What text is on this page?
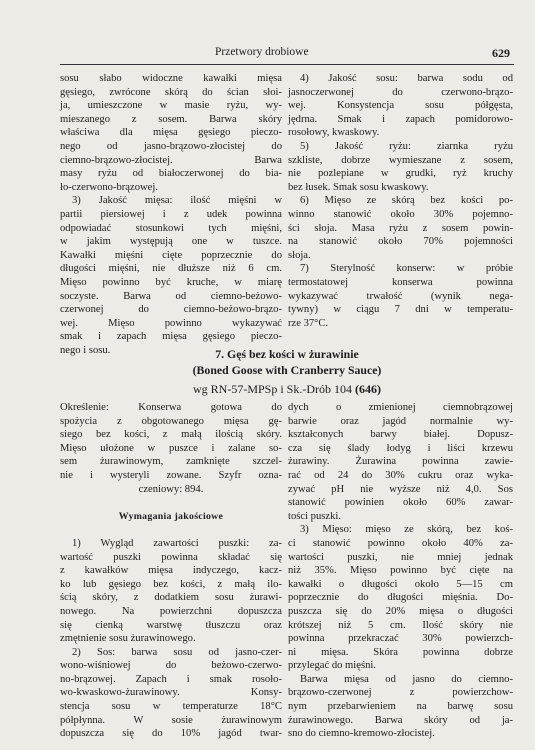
Przetwory drobiowe	629
sosu słabo widoczne kawałki mięsa
gęsiego, zwrócone skórą do ścian słoi-
ja, umieszczone w masie ryżu, wy-
mieszanego z sosem. Barwa skóry
właściwa dla mięsa gęsiego pieczo-
nego od jasno-brązowo-złocistej do
ciemno-brązowo-złocistej. Barwa
masy ryżu od białoczerwonej do bia-
ło-czerwono-brązowej.
3) Jakość mięsa: ilość mięśni w
partii piersiowej i z udek powinna
odpowiadać stosunkowi tych mięśni,
w jakim występują one w tuszce.
Kawałki mięśni cięte poprzecznie do
długości mięśni, nie dłuższe niż 6 cm.
Mięso powinno być kruche, w miarę
soczyste. Barwa od ciemno-beżowo-
czerwonej do ciemno-beżowo-brązo-
wej. Mięso powinno wykazywać
smak i zapach mięsa gęsiego pieczo-
nego i sosu.
4) Jakość sosu: barwa sodu od
jasnoczerwonej do czerwono-brązo-
wej. Konsystencja sosu półgęsta,
jędrna. Smak i zapach pomidorowo-
rosołowy, kwaskowy.
5) Jakość ryżu: ziarnka ryżu
szkliste, dobrze wymieszane z sosem,
nie pozlepiane w grudki, ryż kruchy
bez łusek. Smak sosu kwaskowy.
6) Mięso ze skórą bez kości po-
winno stanowić około 30% pojemno-
ści słoja. Masa ryżu z sosem powin-
na stanowić około 70% pojemności
słoja.
7) Sterylność konserw: w próbie
termostatowej konserwa powinna
wykazywać trwałość (wynik nega-
tywny) w ciągu 7 dni w temperatu-
rze 37°C.
7. Gęś bez kości w żurawinie
(Boned Goose with Cranberry Sauce)
wg RN-57-MPSp i Sk.-Drób 104 (646)
Określenie: Konserwa gotowa do
spożycia z obgotowanego mięsa gę-
siego bez kości, z małą ilością skóry.
Mięso ułożone w puszce i zalane so-
sem żurawinowym, zamknięte szczel-
nie i wysteryli zowane. Szyfr ozna-
czeniowy: 894.
Wymagania jakościowe
1) Wygląd zawartości puszki: za-
wartość puszki powinna składać się
z kawałków mięsa indyczego, kacz-
ko lub gęsiego bez kości, z małą ilo-
ścią skóry, z dodatkiem sosu żurawi-
nowego. Na powierzchni dopuszcza
się cienką warstwę tłuszczu oraz
zmętnienie sosu żurawinowego.
2) Sos: barwa sosu od jasno-czer-
wono-wiśniowej do beżowo-czerwo-
no-brązowej. Zapach i smak rosoło-
wo-kwaskowo-żurawinowy. Konsy-
stencja sosu w temperaturze 18°C
półpłynna. W sosie żurawinowym
dopuszcza się do 10% jagód twar-
dych o zmienionej ciemnobrązowej
barwie oraz jagód normalnie wy-
kształconych barwy białej. Dopusz-
cza się ślady łodyg i liści krzewu
żurawiny. Żurawina powinna zawie-
rać od 24 do 30% cukru oraz wyka-
zywać pH nie wyższe niż 4,0. Sos
stanowić powinien około 60% zawar-
tości puszki.
3) Mięso: mięso ze skórą, bez koś-
ci stanowić powinno około 40% za-
wartości puszki, nie mniej jednak
niż 35%. Mięso powinno być cięte na
kawałki o długości około 5—15 cm
poprzecznie do długości mięśnia. Do-
puszcza się do 20% mięsa o długości
krótszej niż 5 cm. Ilość skóry nie
powinna przekraczać 30% powierzch-
ni mięsa. Skóra powinna dobrze
przylegać do mięśni.
Barwa mięsa od jasno do ciemno-
brązowo-czerwonej z powierzchow-
nym przebarwieniem na barwę sosu
żurawinowego. Barwa skóry od ja-
sno do ciemno-kremowo-złocistej.
